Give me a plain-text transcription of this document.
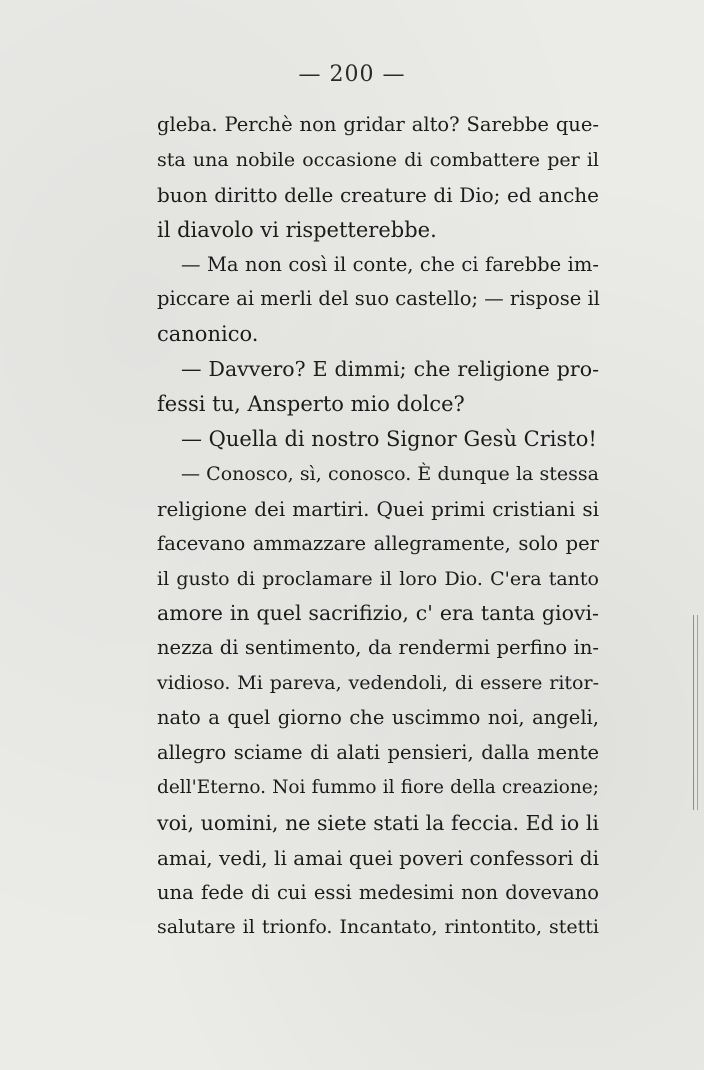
— 200 —
gleba. Perchè non gridar alto? Sarebbe que-
sta una nobile occasione di combattere per il
buon diritto delle creature di Dio; ed anche
il diavolo vi rispetterebbe.
— Ma non così il conte, che ci farebbe im-
piccare ai merli del suo castello; — rispose il
canonico.
— Davvero? E dimmi; che religione pro-
fessi tu, Ansperto mio dolce?
— Quella di nostro Signor Gesù Cristo!
— Conosco, sì, conosco. È dunque la stessa
religione dei martiri. Quei primi cristiani si
facevano ammazzare allegramente, solo per
il gusto di proclamare il loro Dio. C'era tanto
amore in quel sacrifizio, c' era tanta giovi-
nezza di sentimento, da rendermi perfino in-
vidioso. Mi pareva, vedendoli, di essere ritor-
nato a quel giorno che uscimmo noi, angeli,
allegro sciame di alati pensieri, dalla mente
dell'Eterno. Noi fummo il fiore della creazione;
voi, uomini, ne siete stati la feccia. Ed io li
amai, vedi, li amai quei poveri confessori di
una fede di cui essi medesimi non dovevano
salutare il trionfo. Incantato, rintontito, stetti
